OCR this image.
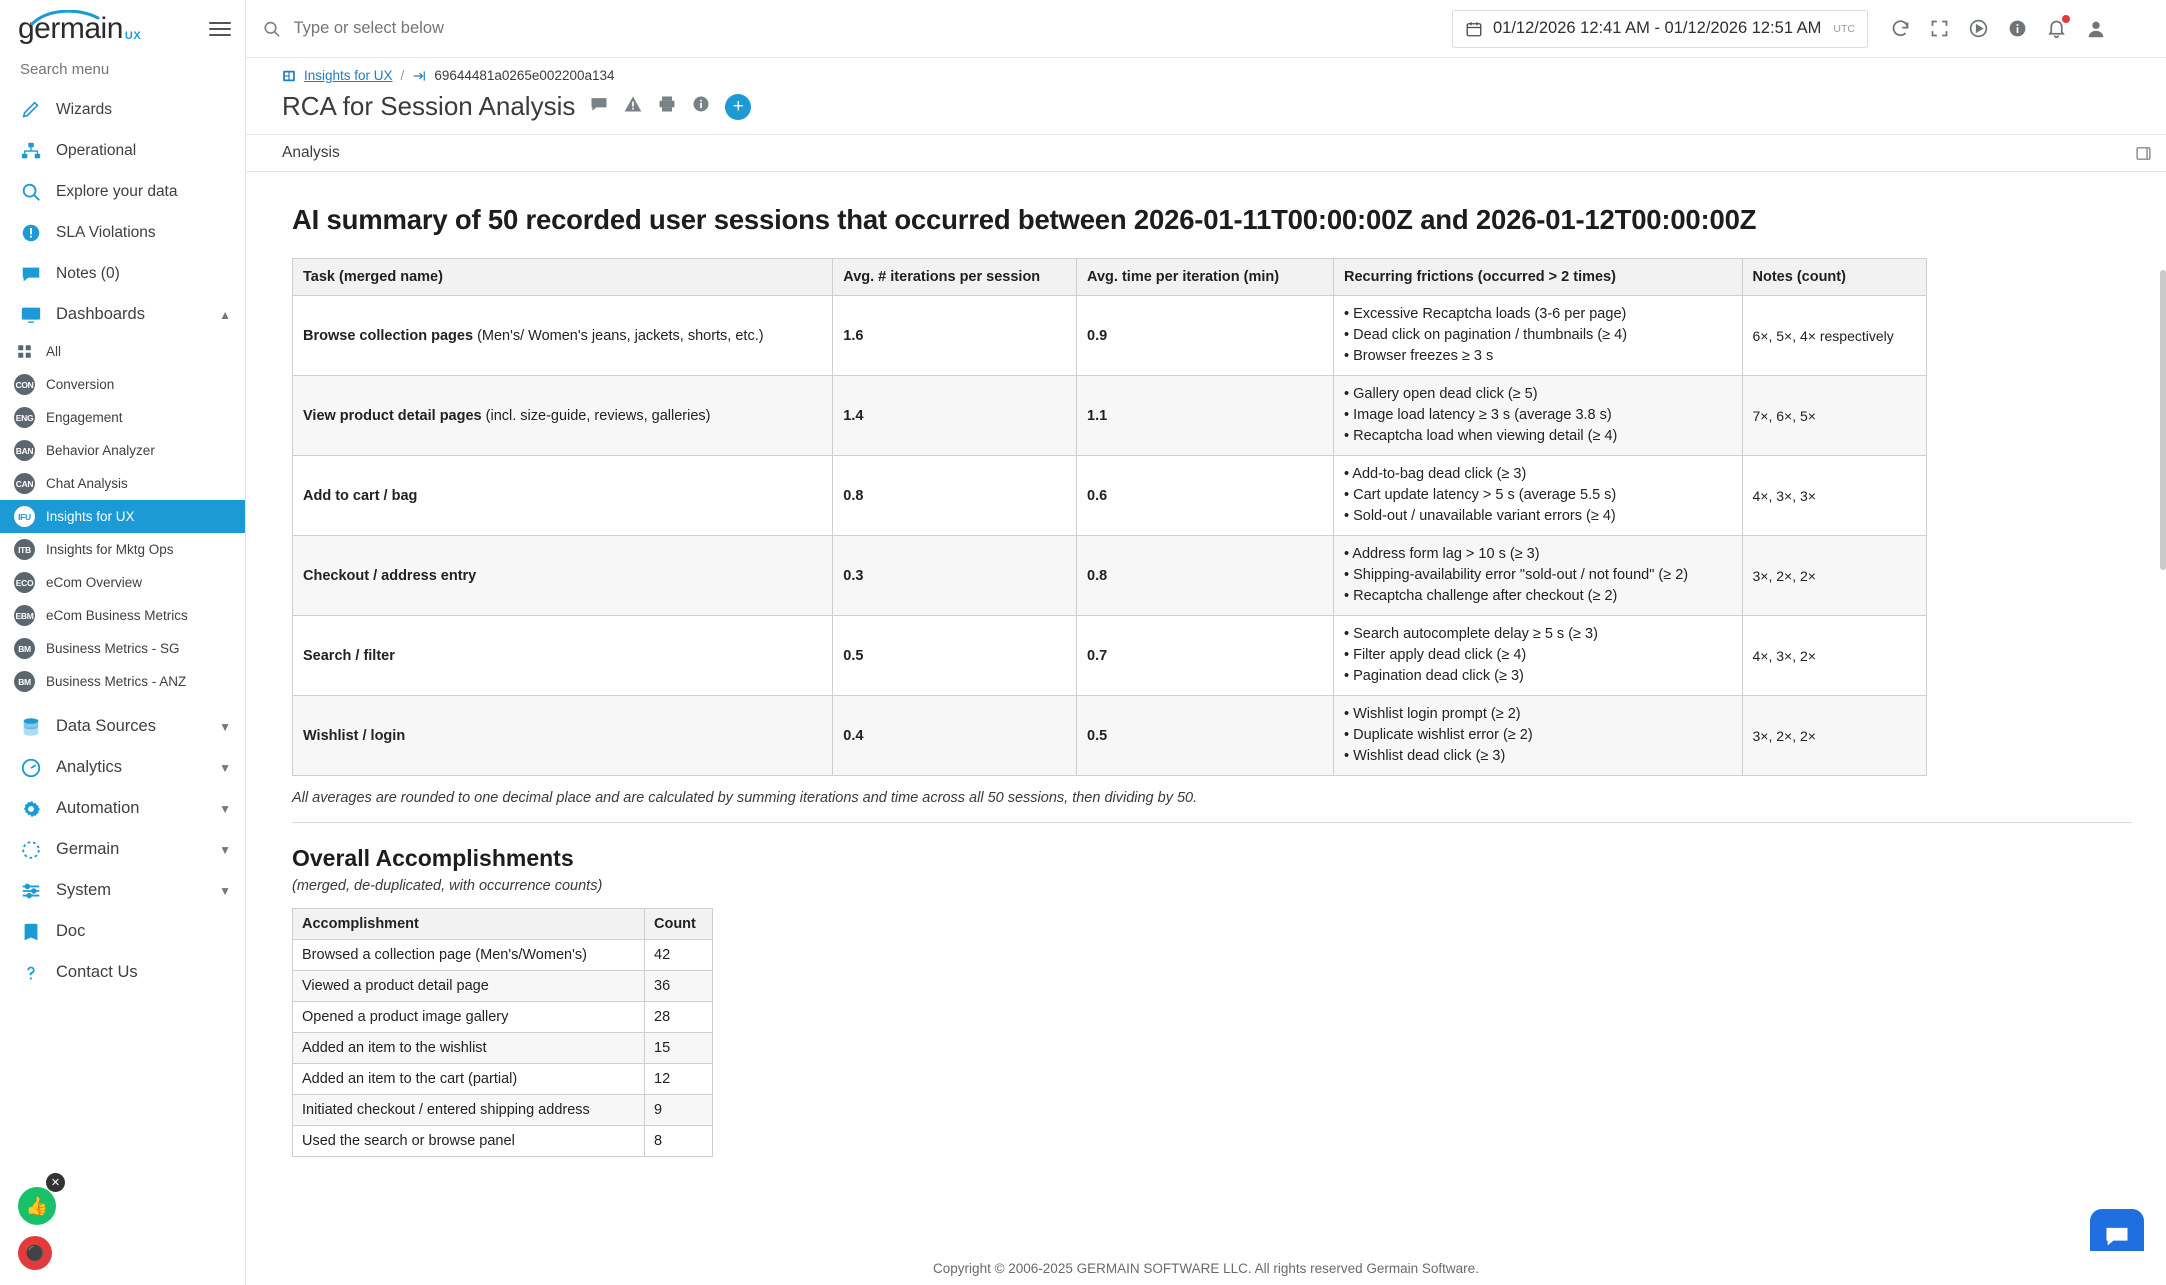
germain UX
Search menu
Wizards
Operational
Explore your data
SLA Violations
Notes (0)
Dashboards	▲
All
CON Conversion
ENG Engagement
BAN Behavior Analyzer
CAN Chat Analysis
IFU	Insights for UX
ITB	Insights for Mktg Ops
ECO eCom Overview
EBM eCom Business Metrics
BM	Business Metrics - SG
BM	Business Metrics - ANZ
Data Sources	▼
Analytics	▼
Automation	▼
Germain	▼
System	▼
Doc
Contact Us
👍
✕
⚫
Type or select below
01/12/2026 12:41 AM - 01/12/2026 12:51 AM UTC
Insights for UX / 69644481a0265e002200a134
RCA for Session Analysis	+
Analysis
AI summary of 50 recorded user sessions that occurred between 2026-01-11T00:00:00Z and 2026-01-12T00:00:00Z
Task (merged name)	Avg. # iterations per session	Avg. time per iteration (min)	Recurring frictions (occurred > 2 times)	Notes (count)
Browse collection pages (Men's/ Women's jeans, jackets, shorts, etc.)	1.6	0.9	• Excessive Recaptcha loads (3-6 per page)
• Dead click on pagination / thumbnails (≥ 4)
• Browser freezes ≥ 3 s	6×, 5×, 4× respectively
View product detail pages (incl. size-guide, reviews, galleries)	1.4	1.1	• Gallery open dead click (≥ 5)
• Image load latency ≥ 3 s (average 3.8 s)
• Recaptcha load when viewing detail (≥ 4)	7×, 6×, 5×
Add to cart / bag	0.8	0.6	• Add-to-bag dead click (≥ 3)
• Cart update latency > 5 s (average 5.5 s)
• Sold-out / unavailable variant errors (≥ 4)	4×, 3×, 3×
Checkout / address entry	0.3	0.8	• Address form lag > 10 s (≥ 3)
• Shipping-availability error "sold-out / not found" (≥ 2)
• Recaptcha challenge after checkout (≥ 2)	3×, 2×, 2×
Search / filter	0.5	0.7	• Search autocomplete delay ≥ 5 s (≥ 3)
• Filter apply dead click (≥ 4)
• Pagination dead click (≥ 3)	4×, 3×, 2×
Wishlist / login	0.4	0.5	• Wishlist login prompt (≥ 2)
• Duplicate wishlist error (≥ 2)
• Wishlist dead click (≥ 3)	3×, 2×, 2×

All averages are rounded to one decimal place and are calculated by summing iterations and time across all 50 sessions, then dividing by 50.

Overall Accomplishments
(merged, de-duplicated, with occurrence counts)
Accomplishment	Count
Browsed a collection page (Men's/Women's)	42
Viewed a product detail page	36
Opened a product image gallery	28
Added an item to the wishlist	15
Added an item to the cart (partial)	12
Initiated checkout / entered shipping address	9
Used the search or browse panel	8
Copyright © 2006-2025 GERMAIN SOFTWARE LLC. All rights reserved Germain Software.
